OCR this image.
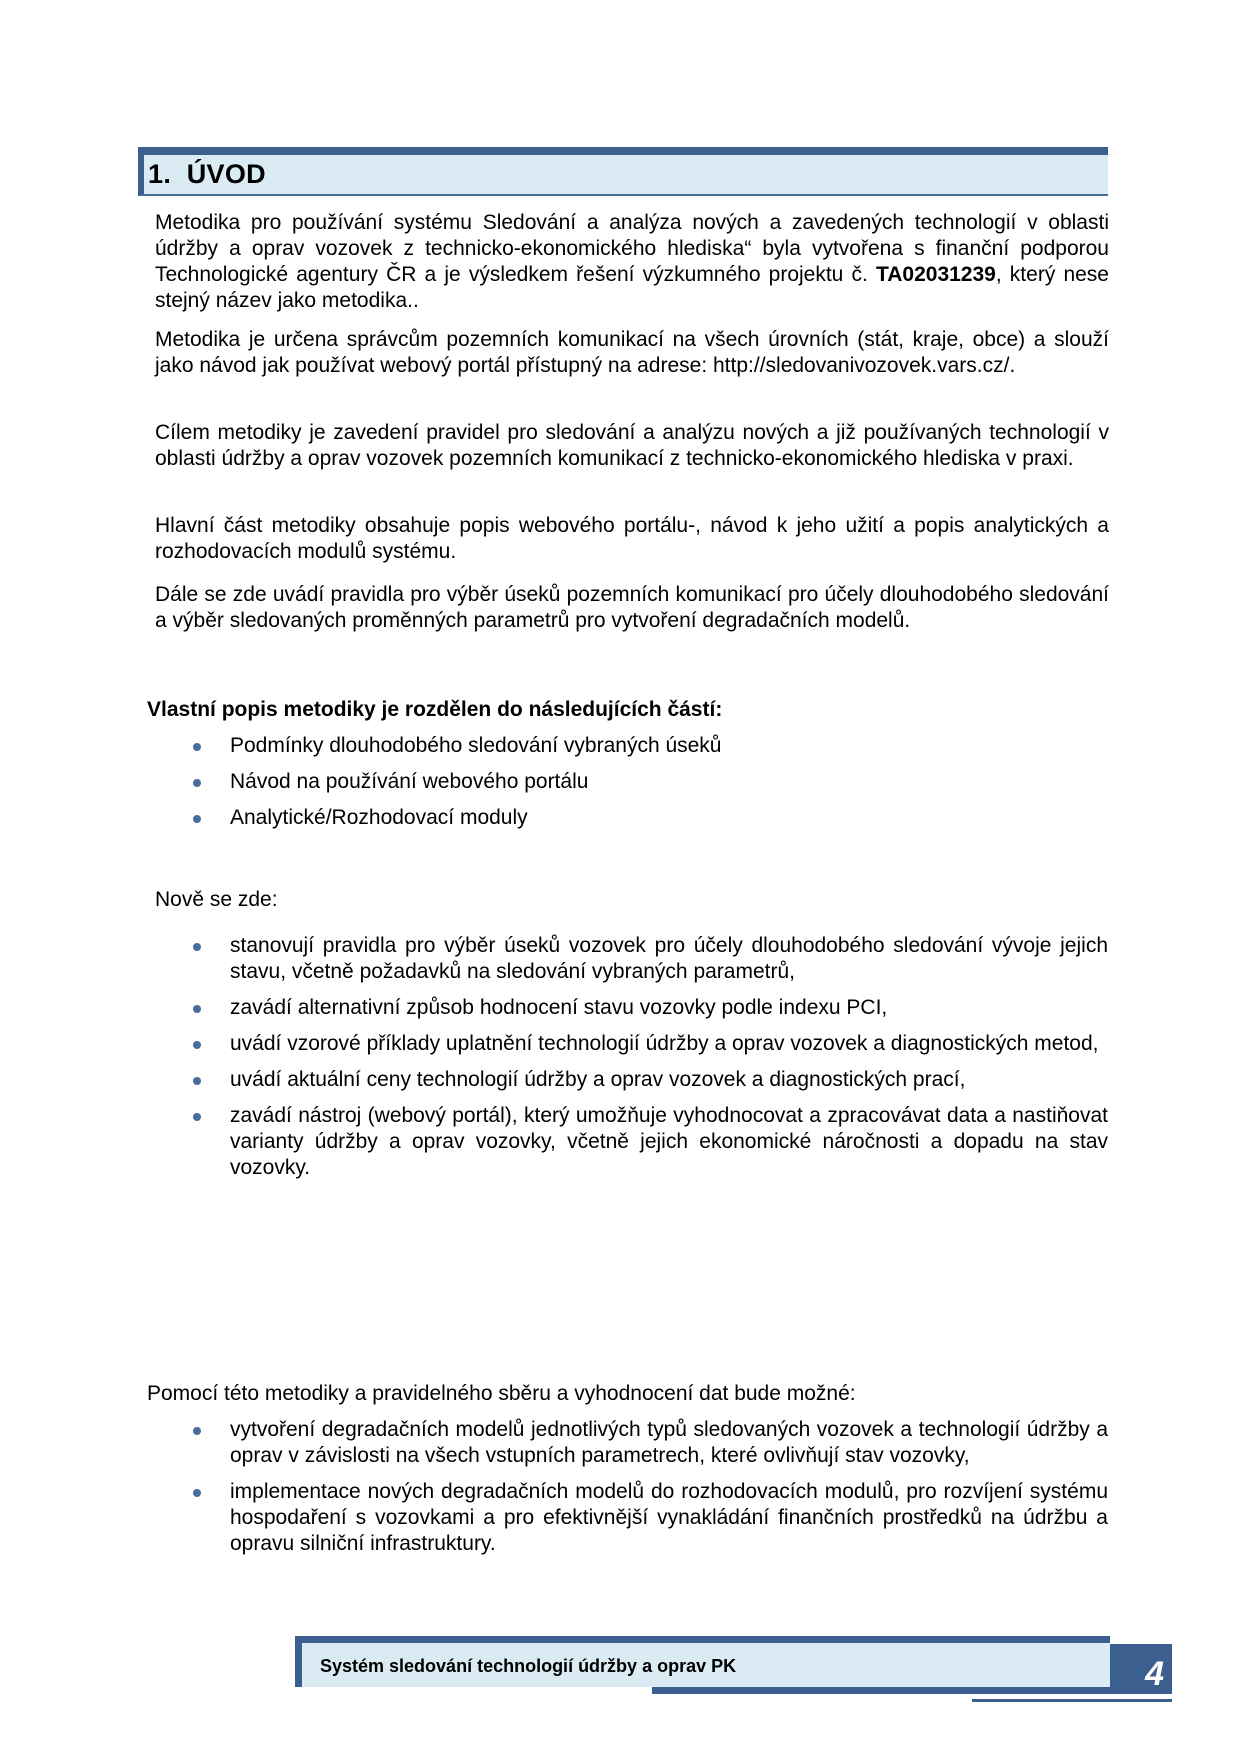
1.  ÚVOD

Metodika pro používání systému Sledování a analýza nových a zavedených technologií v oblasti údržby a oprav vozovek z technicko-ekonomického hlediska“ byla vytvořena s finanční podporou Technologické agentury ČR a je výsledkem řešení výzkumného projektu č. TA02031239, který nese stejný název jako metodika..

Metodika je určena správcům pozemních komunikací na všech úrovních (stát, kraje, obce) a slouží jako návod jak používat webový portál přístupný na adrese: http://sledovanivozovek.vars.cz/.

Cílem metodiky je zavedení pravidel pro sledování a analýzu nových a již používaných technologií v oblasti údržby a oprav vozovek pozemních komunikací z technicko-ekonomického hlediska v praxi.

Hlavní část metodiky obsahuje popis webového portálu-, návod k jeho užití a popis analytických a rozhodovacích modulů systému.

Dále se zde uvádí pravidla pro výběr úseků pozemních komunikací pro účely dlouhodobého sledování a výběr sledovaných proměnných parametrů pro vytvoření degradačních modelů.

Vlastní popis metodiky je rozdělen do následujících částí:

Podmínky dlouhodobého sledování vybraných úseků
Návod na používání webového portálu
Analytické/Rozhodovací moduly

Nově se zde:

stanovují pravidla pro výběr úseků vozovek pro účely dlouhodobého sledování vývoje jejich stavu, včetně požadavků na sledování vybraných parametrů,
zavádí alternativní způsob hodnocení stavu vozovky podle indexu PCI,
uvádí vzorové příklady uplatnění technologií údržby a oprav vozovek a diagnostických metod,
uvádí aktuální ceny technologií údržby a oprav vozovek a diagnostických prací,
zavádí nástroj (webový portál), který umožňuje vyhodnocovat a zpracovávat data a nastiňovat varianty údržby a oprav vozovky, včetně jejich ekonomické náročnosti a dopadu na stav vozovky.

Pomocí této metodiky a pravidelného sběru a vyhodnocení dat bude možné:

vytvoření degradačních modelů jednotlivých typů sledovaných vozovek a technologií údržby a oprav v závislosti na všech vstupních parametrech, které ovlivňují stav vozovky,
implementace nových degradačních modelů do rozhodovacích modulů, pro rozvíjení systému hospodaření s vozovkami a pro efektivnější vynakládání finančních prostředků na údržbu a opravu silniční infrastruktury.
Systém sledování technologií údržby a oprav PK	4
